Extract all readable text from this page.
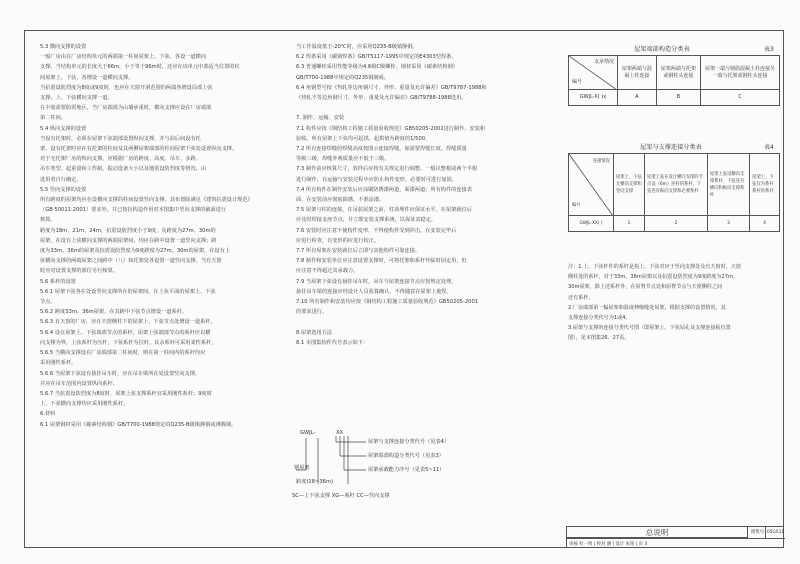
5.3 横向支撑的设置

一般厂房由在厂房结构单元的两端第一柱间屋架上、下弦、各设一道横向

支撑。当结构单元的长度大于66m，小于等于96m时，还应在该单元中部适当位置的柱

间屋架上、下弦，各增设一道横向支撑。

当抗震设防烈度为8度或9度时，也应在天窗开洞范围的两端各增设局部上弦

支撑，上、下弦横向支撑一道。

在丰收需要防震地区，当厂房端部为山墙承重时，横向支撑应设在厂房端部

第二柱间。

5.4 纵向支撑的设置

当设有托架时，必须在屋架下弦端部设置纵向支撑，并与前后间设有托

架，设有托架时应在有托架的柱间及其两侧屋架端部的柱间屋架下弦处设置纵向支撑。

对于无托架厂房的纵向支撑，应根据厂房的跨度、高度、吊车、多跨、

吊车类型、起重量和工作制、振动设备大小以及地震设防烈度等情况，由

选用者自行确定。

5.5 竖向支撑的设置

所有跨度的屋架均应在设横向支撑的柱间设置竖向支撑。其布置除满足《建筑抗震设计规范》

（GB 50011-2001）要求外，并已按抗构造作用对本图集中竖向支撑的截面进行

核算。

跨度为18m、21m、24m，抗震设防烈度小于9度，及跨度为27m、30m的

屋架，在设有上弦横向支撑的两端屋架间，均应在跨中设置一道竖向支撑；跨

度为33m、36m的屋架及抗震设防烈度为9度跨度为27m、30m的屋架，在设有上

弦横向支撑的两端屋架之间跨中（八）和托架处各设置一道竖向支撑。当有天窗

时应对设置支撑的部位另行核算。

5.6 系杆的设置

5.6.1 屋架下弦各在处设竖向支撑所在的屋架间，在上弦平面的屋架上、下弦

节点。

5.6.2 跨度33m、36m屋架，在其跨中下弦节点增设一道系杆。

5.6.3 有天窗的厂房，应在天窗侧柱下的屋架上、下弦节点处增设一道系杆。

5.6.4 设在屋架上、下弦端部节点的系杆，屋架上弦端部节点的系杆应以横

向支撑为界，上弦系杆为压杆，下弦系杆为拉杆。其余系杆可采用柔性系杆。

5.6.5 当横向支撑设在厂房端部第二柱间时，则在第一柱间内的系杆均应

采用刚性系杆。

5.6.6 当屋架下弦设有悬挂吊车时，应在吊车梁所在处设置竖向支撑，

并应在吊车范围内设置纵向系杆。

5.6.7 当抗震设防烈度为8度时，屋架上弦支撑系杆宜采用刚性系杆；9度时

上、下弦横向支撑均应采用刚性系杆。

6.材料

6.1 屋架钢材采用《碳素结构钢》GB/T700-1988规定的Q235-B级镇静钢或沸腾钢。

当工作温度低于-20℃时，应采用Q235-B级镇静钢。

6.2 焊条采用《碳钢焊条》GB/T5117-1995中规定的E4303型焊条。

6.3 普通螺栓采用性能等级为4.6级C级螺栓，钢材采用《碳素结构钢》

GB/T700-1988中规定的Q235钢制成。

6.4 角钢型号按《热轧等边角钢尺寸、外形、重量及允许偏差》GB/T9787-1988和

《热轧不等边角钢尺寸、外形、重量及允许偏差》GB/T9788-1988选用。

7. 制作、运输、安装

7.1 构件应按《钢结构工程施工质量验收规范》GB50205-2001进行制作、安装和

验收。所有屋架上下弦均可起拱，起拱值为跨度的1/500。

7.2 所有连接焊缝的焊缝高度按图示连接焊缝。如需要焊缝长度。焊缝质量

等级三级。焊缝外观质量应不低于三级。

7.3 制作前应核算尺寸，放样后应按有关规定进行调整。一般以整根或两个半根

进行制作，在运输与安装过程中应防止构件变形。必要时可进行加固。

7.4 所有构件在制作安装后应涂刷防锈漆两道，面漆两道；所有构件的连接表

面，在安装前应彻底除锈，不准涂漆。

7.5 屋架与柱的连接，在吊装屋架之前，柱顶埋件应保证水平，在屋架就位后

应及时焊接支座节点，并立即安装支撑系统，以保证其稳定。

7.6 安装时应注意不使构件变形，不得使构件受到冲击，在安装完毕后

应进行检查，有变形的应进行校正。

7.7 所有屋架在安装就位后立即与其他构件可靠连接。

7.8 制作和安装单位应注意设置支撑时，可将托架和系杆作临时固定用，但

应注意不得超过其承载力。

7.9 当屋架下弦设有悬挂吊车时，吊车与屋架连接节点应按规定处理，

悬挂吊车梁的连接应经设计人员验算确认，不得随意在屋架上施焊。

7.10 所有制作和安装均应按《钢结构工程施工质量验收规范》GB50205-2001

的要求进行。

8.屋架选用方法

8.1 本图集构件代号表示如下：

屋架端部构造分类表	表3
支承情况
编号	屋架两端与混凝土柱连接	屋架两端与托架或钢柱头连接	屋架一端与钢筋混凝土柱连接另一端与托架或钢柱头连接
GWJL-X( )x	A	B	C
屋架与支撑连接分类表	表4
连接情况
编号	屋架上、下弦无横向支撑和竖向支撑	屋架上弦在设计横向支撑的节点设（6m）连杆的系杆，下弦连有纵向支撑和必要系杆	屋架上弦设横向支撑系杆，下弦连有横向和纵向支撑系杆	屋架上、下弦仅为系杆系杆的系杆
GWJL-XX( )	1	2	3	4

注：1.上、下弦杆件的系杆是指上、下弦对应于竖向支撑处及有天窗时，天窗

侧柱处的系杆，对于33m、36m屋架以及抗震设防烈度为9度跨度为27m、

30m屋架，除上述系杆外，在屋脊节点处和屋脊节点与天窗侧柱之间

还有系杆。

2.厂房端部第一榀屋架和温度伸缩缝处屋架，根据支撑的设置情况，其

支撑连接分类代号为1或4。

3.屋架与支撑的连接分类代号图（即屋架上、下弦钻孔及支撑连接板位置

图），见本图集26、27页。

GWJL-	XX
屋架与支撑连接分类代号（见表4）
屋架端部构造分类代号（见表3）
屋架承载能力序号（见表5~11）
钢屋架
跨度(18~36m)
SC—上下弦支撑 XG—系杆 CC—竖向支撑
总说明	图集号 05G511
审核 杜一鸣 | 校对 潘 | 设计 朱铭 | 页 3
